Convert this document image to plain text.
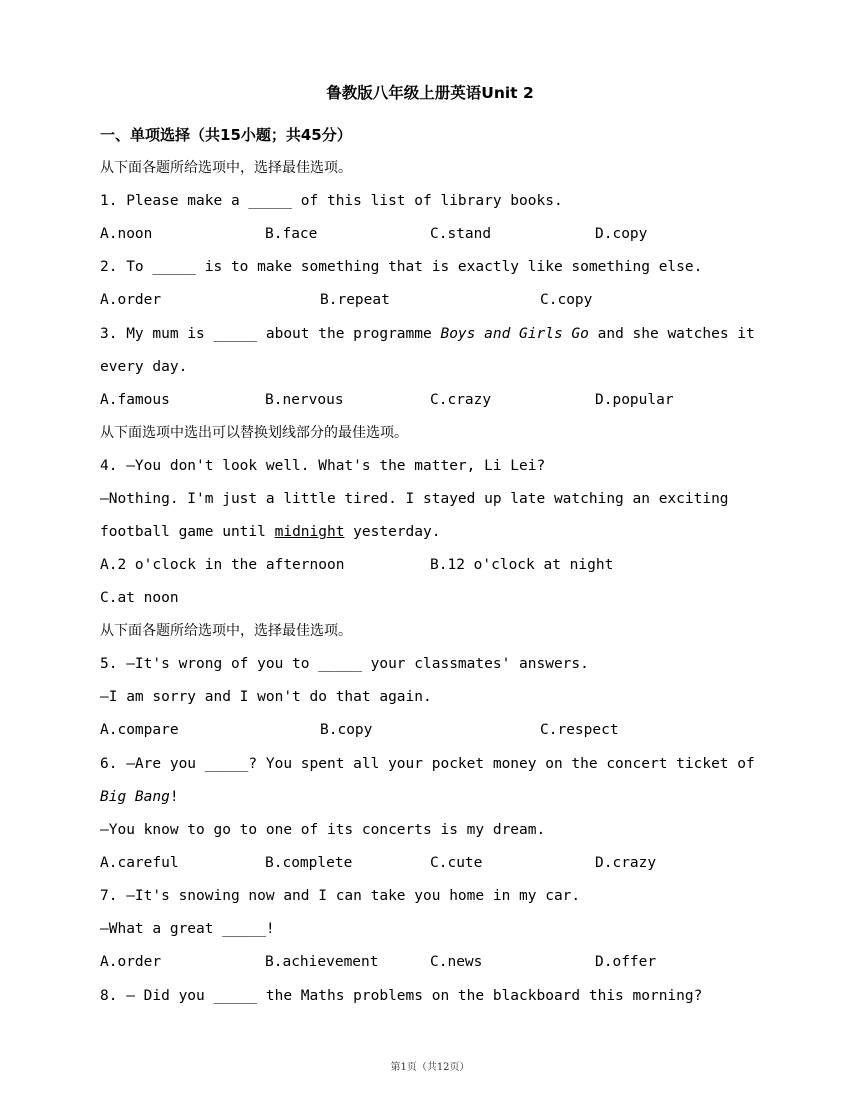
鲁教版八年级上册英语Unit 2
一、单项选择（共15小题；共45分）
从下面各题所给选项中，选择最佳选项。
1. Please make a _____ of this list of library books.
A.noon	B.face	C.stand	D.copy
2. To _____ is to make something that is exactly like something else.
A.order	B.repeat	C.copy
3. My mum is _____ about the programme Boys and Girls Go and she watches it
every day.
A.famous	B.nervous	C.crazy	D.popular
从下面选项中选出可以替换划线部分的最佳选项。
4. —You don't look well. What's the matter, Li Lei?
—Nothing. I'm just a little tired. I stayed up late watching an exciting
football game until midnight yesterday.
A.2 o'clock in the afternoon	B.12 o'clock at night
C.at noon
从下面各题所给选项中，选择最佳选项。
5. —It's wrong of you to _____ your classmates' answers.
—I am sorry and I won't do that again.
A.compare	B.copy	C.respect
6. —Are you _____? You spent all your pocket money on the concert ticket of
Big Bang!
—You know to go to one of its concerts is my dream.
A.careful	B.complete	C.cute	D.crazy
7. —It's snowing now and I can take you home in my car.
—What a great _____!
A.order	B.achievement	C.news	D.offer
8. — Did you _____ the Maths problems on the blackboard this morning?
第1页（共12页）
